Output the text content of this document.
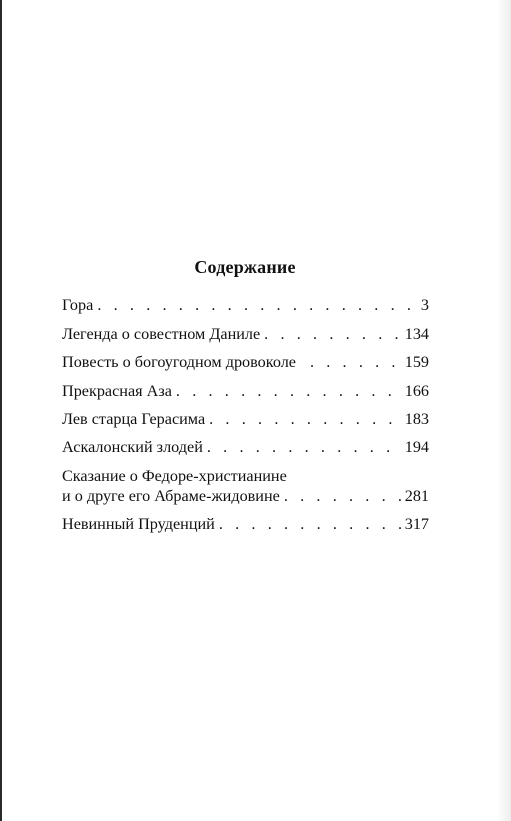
Содержание
Гора . . .	3
Легенда о совестном Даниле . . .	134
Повесть о богоугодном дровоколе . . .	159
Прекрасная Аза . . .	166
Лев старца Герасима . . .	183
Аскалонский злодей . . .	194
Сказание о Федоре-христианине
и о друге его Абраме-жидовине . . .	281
Невинный Пруденций . . .	317
